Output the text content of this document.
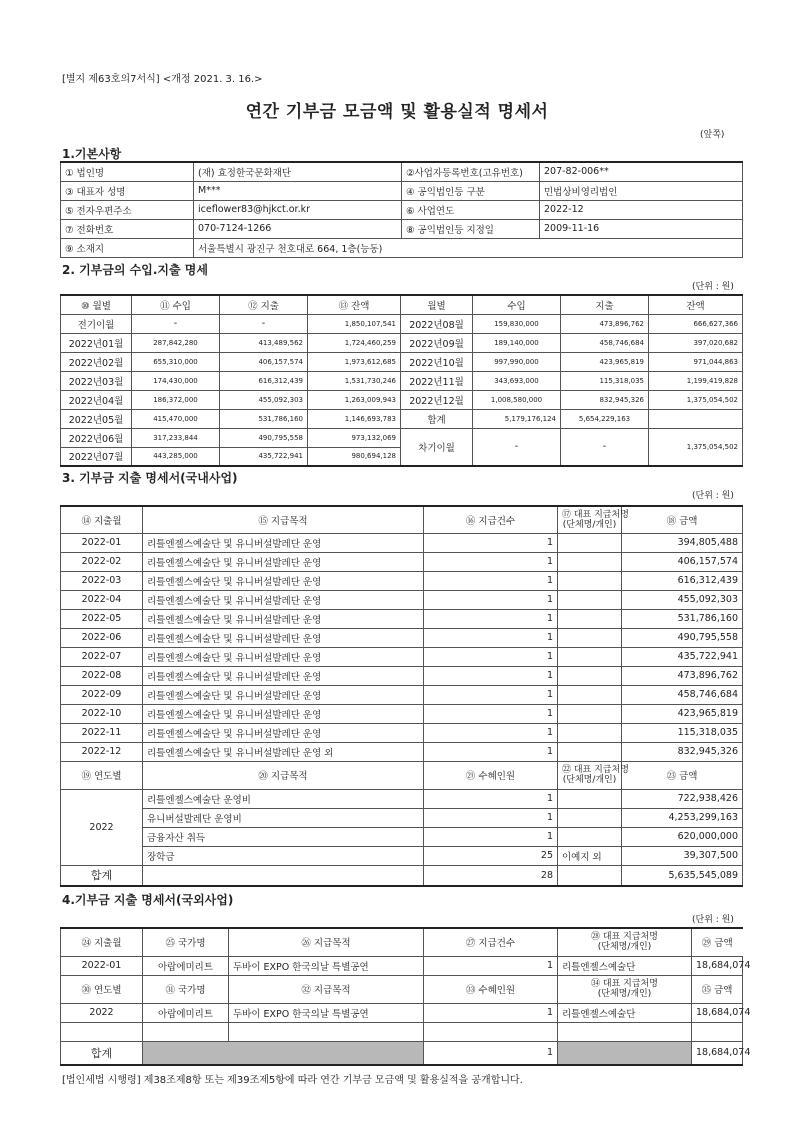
[별지 제63호의7서식] <개정 2021. 3. 16.>
연간 기부금 모금액 및 활용실적 명세서
(앞쪽)
1.기본사항
① 법인명	(재) 효정한국문화재단	②사업자등록번호(고유번호)	207-82-006**
③ 대표자 성명	M***	④ 공익법인등 구분	민법상비영리법인
⑤ 전자우편주소	iceflower83@hjkct.or.kr	⑥ 사업연도	2022-12
⑦ 전화번호	070-7124-1266	⑧ 공익법인등 지정일	2009-11-16
⑨ 소재지	서울특별시 광진구 천호대로 664, 1층(능동)		
2. 기부금의 수입.지출 명세
(단위 : 원)
⑩ 월별	⑪ 수입	⑫ 지출	⑬ 잔액	월별	수입	지출	잔액
전기이월	-	-	1,850,107,541	2022년08월	159,830,000	473,896,762	666,627,366
2022년01월	287,842,280	413,489,562	1,724,460,259	2022년09월	189,140,000	458,746,684	397,020,682
2022년02월	655,310,000	406,157,574	1,973,612,685	2022년10월	997,990,000	423,965,819	971,044,863
2022년03월	174,430,000	616,312,439	1,531,730,246	2022년11월	343,693,000	115,318,035	1,199,419,828
2022년04월	186,372,000	455,092,303	1,263,009,943	2022년12월	1,008,580,000	832,945,326	1,375,054,502
2022년05월	415,470,000	531,786,160	1,146,693,783	합계	5,179,176,124	5,654,229,163	
2022년06월	317,233,844	490,795,558	973,132,069	차기이월	-	-	1,375,054,502
2022년07월	443,285,000	435,722,941	980,694,128				
3. 기부금 지출 명세서(국내사업)
(단위 : 원)
⑭ 지출월	⑮ 지급목적	⑯ 지급건수	⑰ 대표 지급처명
(단체명/개인)	⑱ 금액
2022-01	리틀엔젤스예술단 및 유니버설발레단 운영	1		394,805,488
2022-02	리틀엔젤스예술단 및 유니버설발레단 운영	1		406,157,574
2022-03	리틀엔젤스예술단 및 유니버설발레단 운영	1		616,312,439
2022-04	리틀엔젤스예술단 및 유니버설발레단 운영	1		455,092,303
2022-05	리틀엔젤스예술단 및 유니버설발레단 운영	1		531,786,160
2022-06	리틀엔젤스예술단 및 유니버설발레단 운영	1		490,795,558
2022-07	리틀엔젤스예술단 및 유니버설발레단 운영	1		435,722,941
2022-08	리틀엔젤스예술단 및 유니버설발레단 운영	1		473,896,762
2022-09	리틀엔젤스예술단 및 유니버설발레단 운영	1		458,746,684
2022-10	리틀엔젤스예술단 및 유니버설발레단 운영	1		423,965,819
2022-11	리틀엔젤스예술단 및 유니버설발레단 운영	1		115,318,035
2022-12	리틀엔젤스예술단 및 유니버설발레단 운영 외	1		832,945,326
⑲ 연도별	⑳ 지급목적	㉑ 수혜인원	㉒ 대표 지급처명
(단체명/개인)	㉓ 금액
2022	리틀엔젤스예술단 운영비	1		722,938,426
	유니버설발레단 운영비	1		4,253,299,163
	금융자산 취득	1		620,000,000
	장학금	25	이예지 외	39,307,500
합계		28		5,635,545,089
4.기부금 지출 명세서(국외사업)
(단위 : 원)
㉔ 지출월	㉕ 국가명	㉖ 지급목적	㉗ 지급건수	㉘ 대표 지급처명
(단체명/개인)	㉙ 금액
2022-01	아랍에미리트	두바이 EXPO 한국의날 특별공연	1	리틀엔젤스예술단	18,684,074
㉚ 연도별	㉛ 국가명	㉜ 지급목적	㉝ 수혜인원	㉞ 대표 지급처명
(단체명/개인)	㉟ 금액
2022	아랍에미리트	두바이 EXPO 한국의날 특별공연	1	리틀엔젤스예술단	18,684,074

합계			1		18,684,074
[법인세법 시행령] 제38조제8항 또는 제39조제5항에 따라 연간 기부금 모금액 및 활용실적을 공개합니다.
